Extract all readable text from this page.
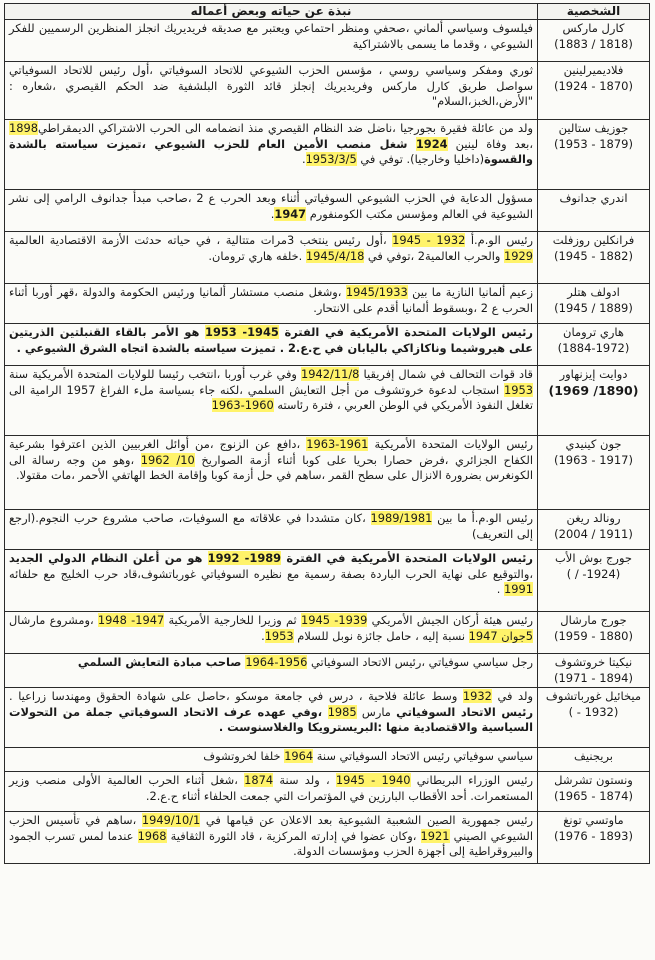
الشخصية	نبذة عن حياته وبعض أعماله

كارل ماركس
(1818 / 1883)	فيلسوف وسياسي ألماني ،صحفي ومنظر احتماعي ويعتبر مع صديقه فريديريك انجلز المنظرين الرسميين للفكر الشيوعي ، وقدما ما يسمى بالاشتراكية

فلاديميرلينين
(1870 - 1924)	ثوري ومفكر وسياسي روسي ، مؤسس الحزب الشيوعي للاتحاد السوفياتي ،أول رئيس للاتحاد السوفياتي سواصل طريق كارل ماركس وفريديريك إنجلز قائد الثورة البلشفية ضد الحكم القيصري ،شعاره : "الأرض،الخبز،السلام"

جوزيف ستالين
(1879 - 1953)	ولد من عائلة فقيرة بجورجيا ،ناضل ضد النظام القيصري منذ انضمامه الى الحرب الاشتراكي الديمقراطي1898 ،بعد وفاة لينين 1924 شغل منصب الأمين العام للحزب الشيوعي ،تميزت سياسته بالشدة والقسوة(داخليا وخارجيا). توفي في 1953/3/5.

اندري جدانوف	مسؤول الدعاية في الحزب الشيوعي السوفياتي أثناء وبعد الحرب ع 2 ،صاحب مبدأ جدانوف الرامي إلى نشر الشيوعية في العالم ومؤسس مكتب الكومنفورم 1947.

فرانكلين روزفلت
(1882 - 1945)	رئيس الو.م.أ 1932 - 1945 ،أول رئيس ينتخب 3مرات متتالية ، في حياته حدثت الأزمة الاقتصادية العالمية 1929 والحرب العالمية2 ،توفي في 1945/4/18 .خلفه هاري ترومان.

ادولف هتلر
(1889 / 1945)	زعيم ألمانيا النازية ما بين 1945/1933 ،وشغل منصب مستشار ألمانيا ورئيس الحكومة والدولة ،قهر أوربا أثناء الحرب ع 2 ،وبسقوط ألمانيا أقدم على الانتحار.

هاري ترومان
(1884-1972)	رئيس الولايات المتحدة الأمريكية في الفترة 1945- 1953 هو الأمر بالقاء القنبلتين الذريتين على هيروشيما وناكازاكي باليابان في ح.ع.2 . تميزت سياسته بالشدة اتجاه الشرق الشيوعي .

دوايت إيزنهاور
(1890/ 1969)	قاد قوات التحالف في شمال إفريقيا 1942/11/8 وفي غرب أوربا ،انتخب رئيسا للولايات المتحدة الأمريكية سنة 1953 استجاب لدعوة خروتشوف من أجل التعايش السلمي ،لكنه جاء بسياسة ملء الفراغ 1957 الرامية الى تغلغل النفوذ الأمريكي في الوطن العربي ، فترة رئاسته 1960-1963

جون كينيدي
(1917 - 1963)	رئيس الولايات المتحدة الأمريكية 1961-1963 ،دافع عن الزنوج ،من أوائل الغربيين الذين اعترفوا بشرعية الكفاح الجزائري ،فرض حصارا بحريا على كوبا أثناء أزمة الصواريخ 10/ 1962 ،وهو من وجه رسالة الى الكونغرس بضرورة الانزال على سطح القمر ،ساهم في حل أزمة كوبا وإقامة الخط الهاتفي الأحمر ،مات مقتولا.

رونالد ريغن
(1911 / 2004)	رئيس الو.م.أ ما بين 1989/1981 ،كان متشددا في علاقاته مع السوفيات، صاحب مشروع حرب النجوم.(ارجع إلى التعريف)

جورج بوش الأب
(1924- / )	رئيس الولايات المتحدة الأمريكية في الفترة 1989- 1992 هو من أعلن النظام الدولي الجديد ،والتوقيع على نهاية الحرب الباردة بصفة رسمية مع نظيره السوفياتي غورباتشوف،قاد حرب الخليج مع حلفائه 1991 .

جورج مارشال
(1880 - 1959)	رئيس هيئة أركان الجيش الأمريكي 1939- 1945 ثم وزيرا للخارجية الأمريكية 1947- 1948 ،ومشروع مارشال 5جوان 1947 نسبة إليه ، حامل جائزة نوبل للسلام 1953.

نيكيتا خروتشوف
(1894 - 1971)	رجل سياسي سوفياتي ،رئيس الاتحاد السوفياتي 1956-1964 صاحب مبادة التعايش السلمي

ميخائيل غورباتشوف
(1932 - )	ولد في 1932 وسط عائلة فلاحية ، درس في جامعة موسكو ،حاصل على شهادة الحقوق ومهندسا زراعيا . رئيس الاتحاد السوفياتي مارس 1985 ،وفي عهده عرف الاتحاد السوفياتي جملة من التحولات السياسية والاقتصادية منها :البريسترويكا والغلاسنوست .

بريجنيف	سياسي سوفياتي رئيس الاتحاد السوفياتي سنة 1964 خلفا لخروتشوف

ونستون تشرشل
(1874 - 1965)	رئيس الوزراء البريطاني 1940 - 1945 ، ولد سنة 1874 ،شغل أثناء الحرب العالمية الأولى منصب وزير المستعمرات. أحد الأقطاب البارزين في المؤتمرات التي جمعت الحلفاء أثناء ح.ع.2.

ماوتسي تونغ
(1893 - 1976)	رئيس جمهورية الصين الشعبية الشيوعية بعد الاعلان عن قيامها في 1949/10/1 ،ساهم في تأسيس الحزب الشيوعي الصيني 1921 ،وكان عضوا في إدارته المركزية ، قاد الثورة الثقافية 1968 عندما لمس تسرب الجمود والبيروقراطية إلى أجهزة الحزب ومؤسسات الدولة.
